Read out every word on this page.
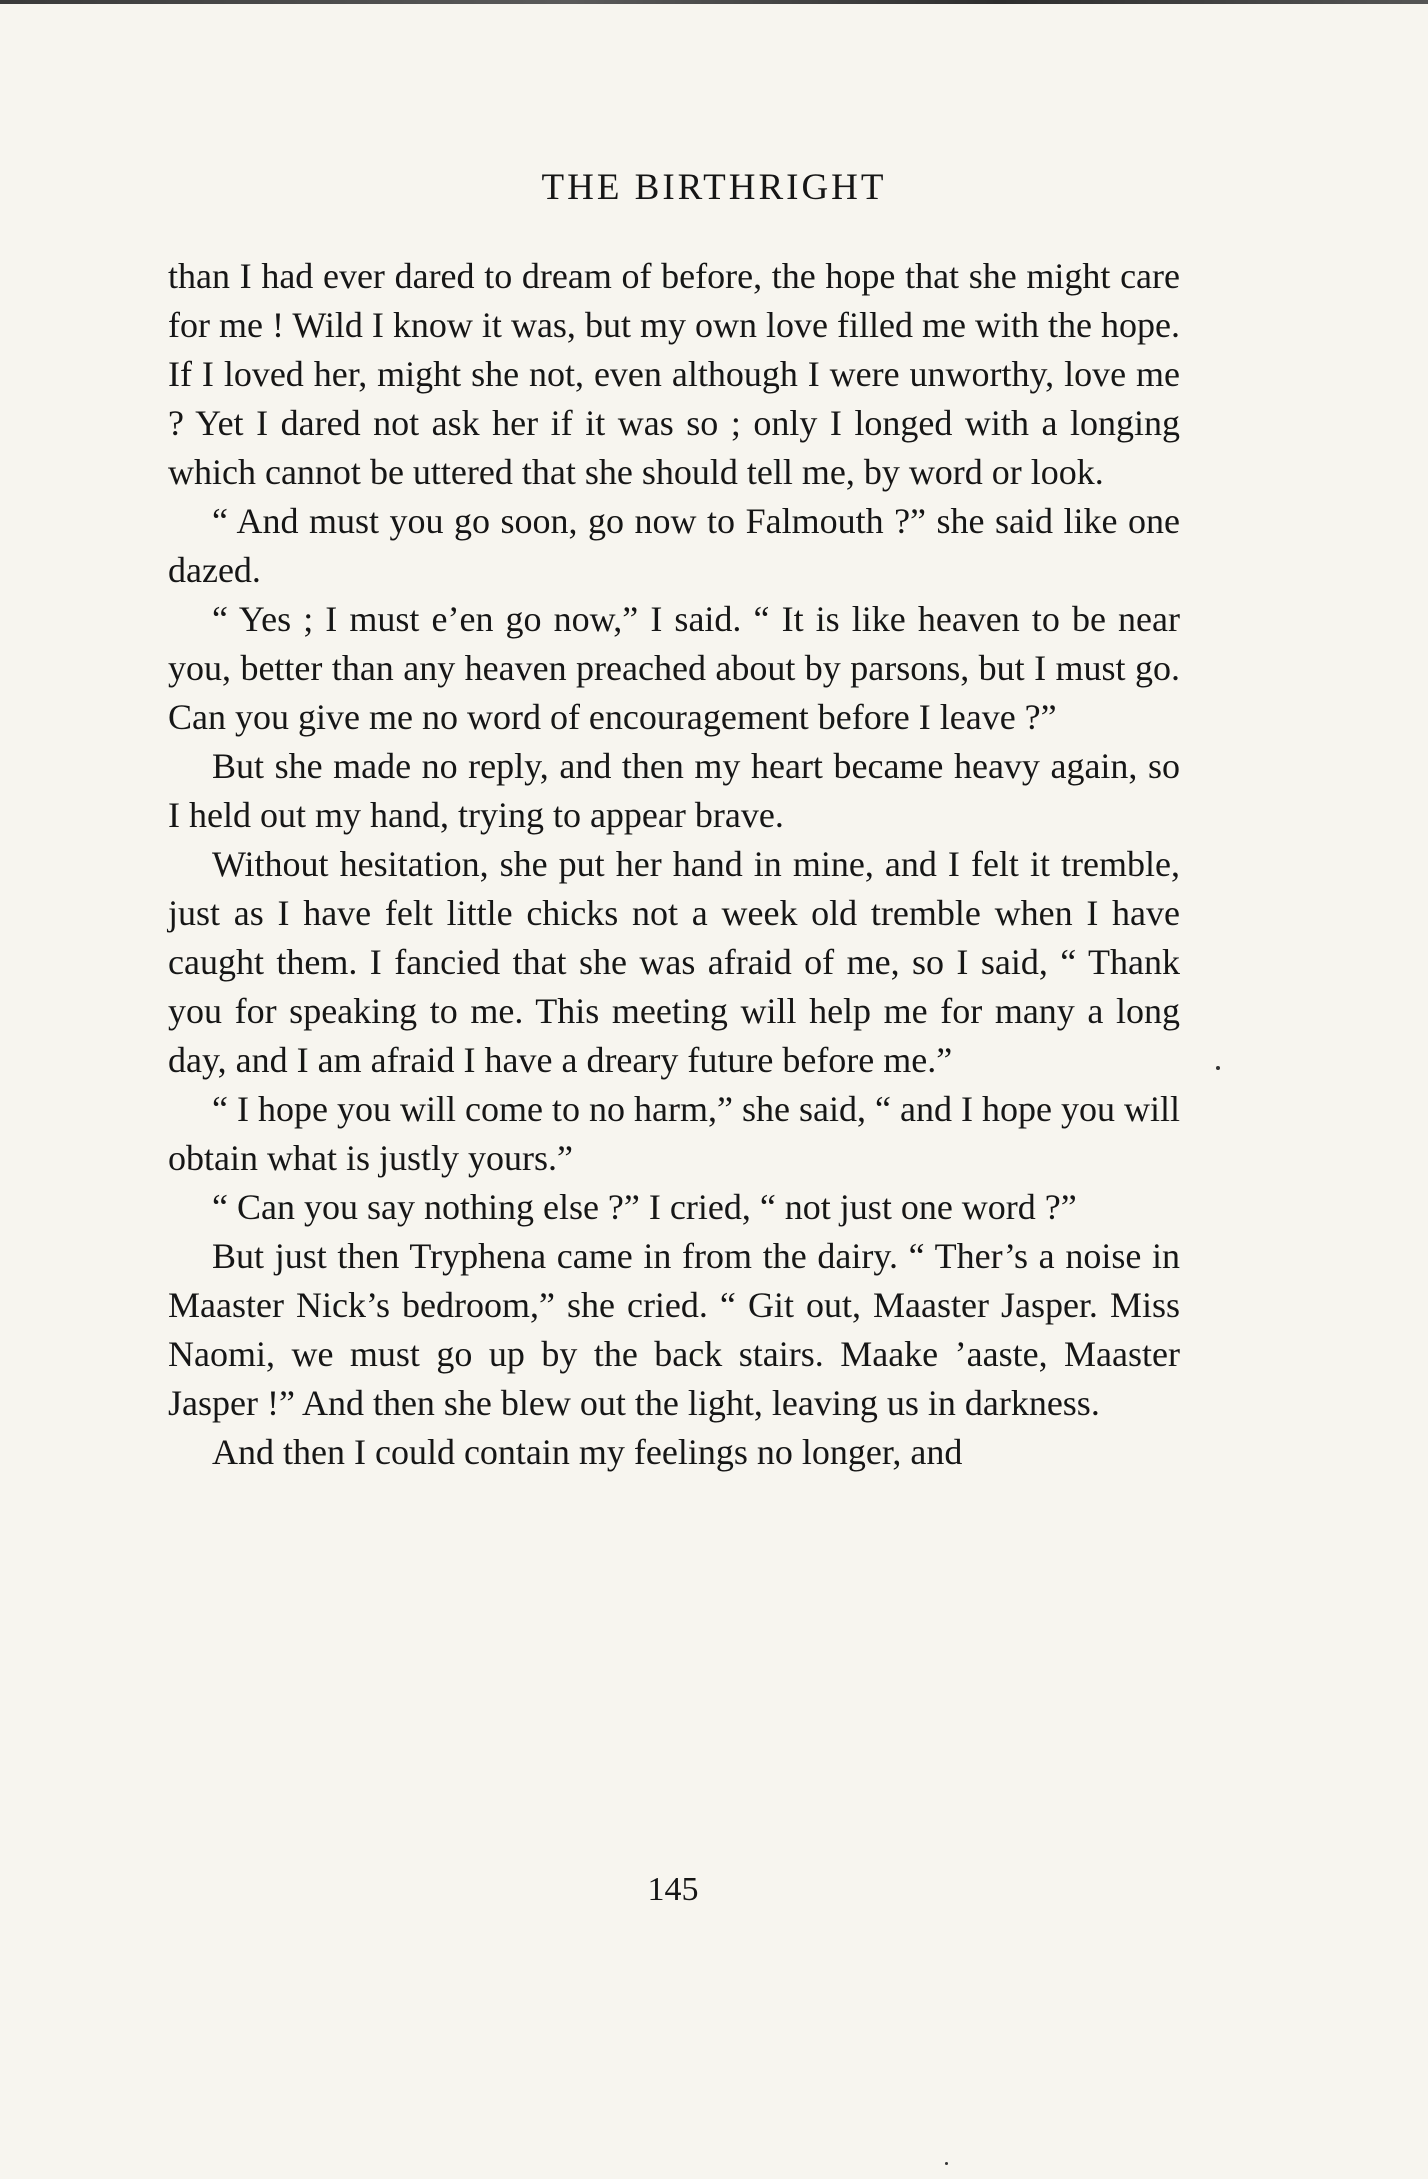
THE BIRTHRIGHT

than I had ever dared to dream of before, the hope that she might care for me ! Wild I know it was, but my own love filled me with the hope. If I loved her, might she not, even although I were unworthy, love me ? Yet I dared not ask her if it was so ; only I longed with a longing which cannot be uttered that she should tell me, by word or look.

“ And must you go soon, go now to Falmouth ?” she said like one dazed.

“ Yes ; I must e’en go now,” I said. “ It is like heaven to be near you, better than any heaven preached about by parsons, but I must go. Can you give me no word of encouragement before I leave ?”

But she made no reply, and then my heart became heavy again, so I held out my hand, trying to appear brave.

Without hesitation, she put her hand in mine, and I felt it tremble, just as I have felt little chicks not a week old tremble when I have caught them. I fancied that she was afraid of me, so I said, “ Thank you for speaking to me. This meeting will help me for many a long day, and I am afraid I have a dreary future before me.”

“ I hope you will come to no harm,” she said, “ and I hope you will obtain what is justly yours.”

“ Can you say nothing else ?” I cried, “ not just one word ?”

But just then Tryphena came in from the dairy. “ Ther’s a noise in Maaster Nick’s bedroom,” she cried. “ Git out, Maaster Jasper. Miss Naomi, we must go up by the back stairs. Maake ’aaste, Maaster Jasper !” And then she blew out the light, leaving us in darkness.

And then I could contain my feelings no longer, and

145
